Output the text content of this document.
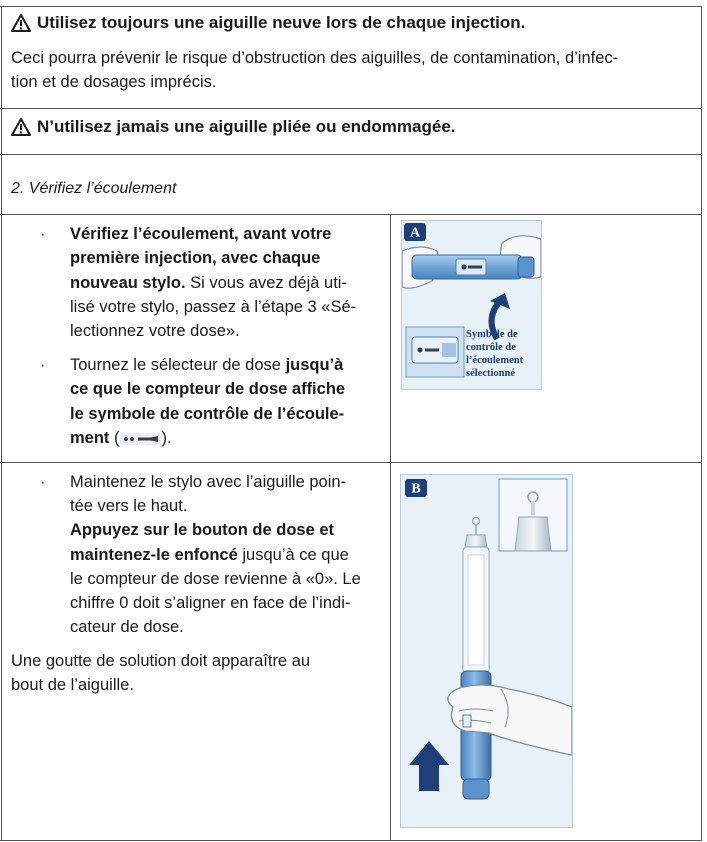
Utilisez toujours une aiguille neuve lors de chaque injection.
Ceci pourra prévenir le risque d’obstruction des aiguilles, de contamination, d’infec-
tion et de dosages imprécis.
N’utilisez jamais une aiguille pliée ou endommagée.
2. Vérifiez l’écoulement
· Vérifiez l’écoulement, avant votre
première injection, avec chaque
nouveau stylo. Si vous avez déjà uti-
lisé votre stylo, passez à l’étape 3 «Sé-
lectionnez votre dose».
· Tournez le sélecteur de dose jusqu’à
ce que le compteur de dose affiche
le symbole de contrôle de l’écoule-
ment (	).
A
Symbole de
contrôle de
l’écoulement
sélectionné
· Maintenez le stylo avec l’aiguille poin-
tée vers le haut.
Appuyez sur le bouton de dose et
maintenez-le enfoncé jusqu’à ce que
le compteur de dose revienne à «0». Le
chiffre 0 doit s’aligner en face de l’indi-
cateur de dose.
Une goutte de solution doit apparaître au
bout de l’aiguille.
B
